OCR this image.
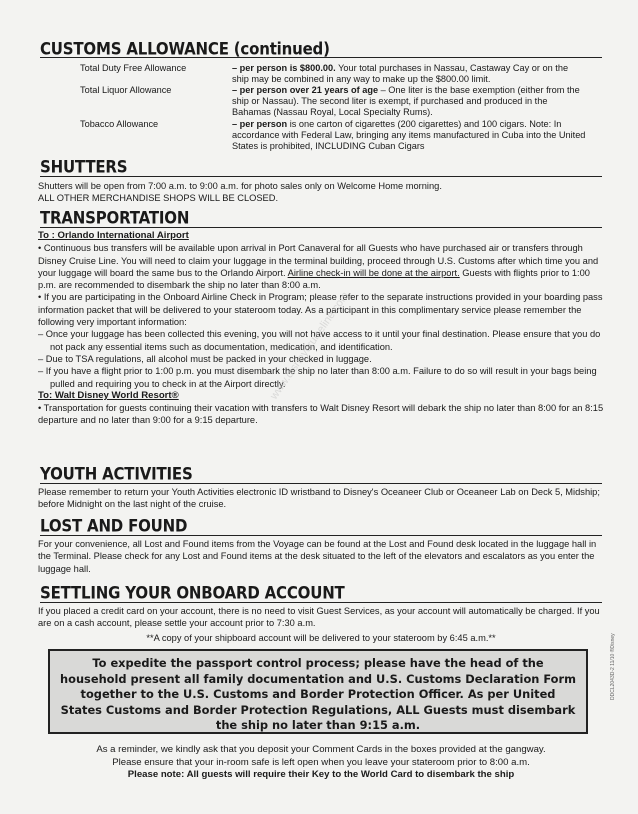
CUSTOMS ALLOWANCE (continued)
Total Duty Free Allowance	– per person is $800.00. Your total purchases in Nassau, Castaway Cay or on the ship may be combined in any way to make up the $800.00 limit.
Total Liquor Allowance	– per person over 21 years of age – One liter is the base exemption (either from the ship or Nassau). The second liter is exempt, if purchased and produced in the Bahamas (Nassau Royal, Local Specialty Rums).
Tobacco Allowance	– per person is one carton of cigarettes (200 cigarettes) and 100 cigars. Note: In accordance with Federal Law, bringing any items manufactured in Cuba into the United States is prohibited, INCLUDING Cuban Cigars
SHUTTERS

Shutters will be open from 7:00 a.m. to 9:00 a.m. for photo sales only on Welcome Home morning.

ALL OTHER MERCHANDISE SHOPS WILL BE CLOSED.

TRANSPORTATION

To : Orlando International Airport

• Continuous bus transfers will be available upon arrival in Port Canaveral for all Guests who have purchased air or transfers through Disney Cruise Line. You will need to claim your luggage in the terminal building, proceed through U.S. Customs after which time you and your luggage will board the same bus to the Orlando Airport. Airline check-in will be done at the airport. Guests with flights prior to 1:00 p.m. are recommended to disembark the ship no later than 8:00 a.m.

• If you are participating in the Onboard Airline Check in Program; please refer to the separate instructions provided in your boarding pass information packet that will be delivered to your stateroom today. As a participant in this complimentary service please remember the following very important information:

– Once your luggage has been collected this evening, you will not have access to it until your final destination. Please ensure that you do not pack any essential items such as documentation, medication, and identification.

– Due to TSA regulations, all alcohol must be packed in your checked in luggage.

– If you have a flight prior to 1:00 p.m. you must disembark the ship no later than 8:00 a.m. Failure to do so will result in your bags being pulled and requiring you to check in at the Airport directly.

To: Walt Disney World Resort®

• Transportation for guests continuing their vacation with transfers to Walt Disney Resort will debark the ship no later than 8:00 for an 8:15 departure and no later than 9:00 for a 9:15 departure.

YOUTH ACTIVITIES

Please remember to return your Youth Activities electronic ID wristband to Disney's Oceaneer Club or Oceaneer Lab on Deck 5, Midship; before Midnight on the last night of the cruise.

LOST AND FOUND

For your convenience, all Lost and Found items from the Voyage can be found at the Lost and Found desk located in the luggage hall in the Terminal. Please check for any Lost and Found items at the desk situated to the left of the elevators and escalators as you enter the luggage hall.

SETTLING YOUR ONBOARD ACCOUNT

If you placed a credit card on your account, there is no need to visit Guest Services, as your account will automatically be charged. If you are on a cash account, please settle your account prior to 7:30 a.m.

**A copy of your shipboard account will be delivered to your stateroom by 6:45 a.m.**

To expedite the passport control process; please have the head of the household present all family documentation and U.S. Customs Declaration Form together to the U.S. Customs and Border Protection Officer. As per United States Customs and Border Protection Regulations, ALL Guests must disembark the ship no later than 9:15 a.m.

As a reminder, we kindly ask that you deposit your Comment Cards in the boxes provided at the gangway.

Please ensure that your in-room safe is left open when you leave your stateroom prior to 8:00 a.m.

Please note: All guests will require their Key to the World Card to disembark the ship

DDCL2043D-2 11/10 ®Disney
www.disneycruiseline.com
